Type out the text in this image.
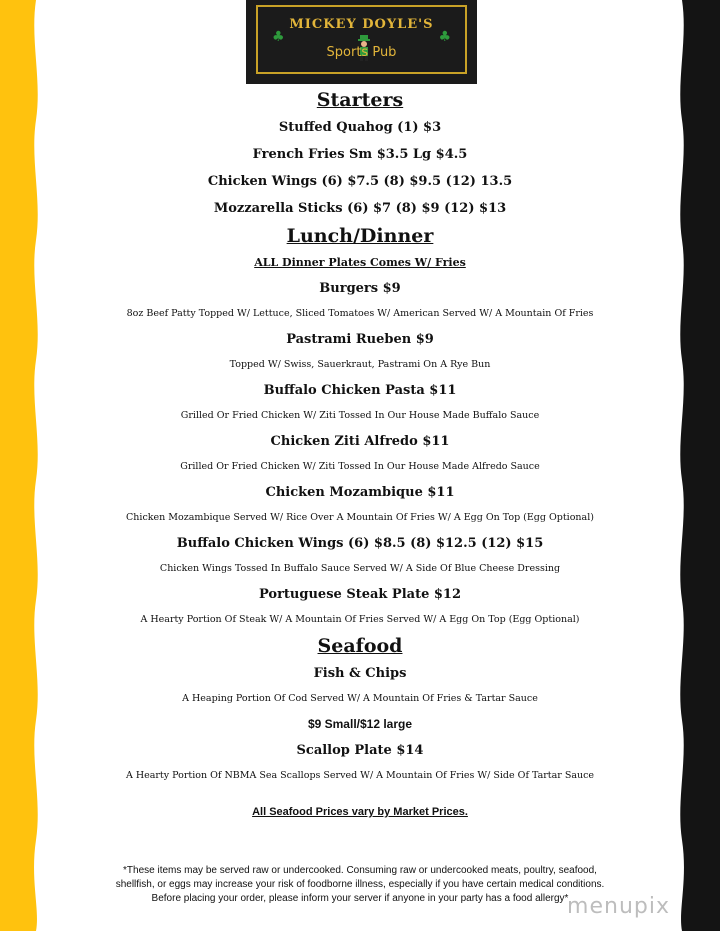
MICKEY DOYLE'S
♣	♣
Sports Pub
Starters

Stuffed Quahog (1) $3

French Fries Sm $3.5 Lg $4.5

Chicken Wings (6) $7.5 (8) $9.5 (12) 13.5

Mozzarella Sticks (6) $7 (8) $9 (12) $13

Lunch/Dinner

ALL Dinner Plates Comes W/ Fries

Burgers $9

8oz Beef Patty Topped W/ Lettuce, Sliced Tomatoes W/ American Served W/ A Mountain Of Fries

Pastrami Rueben $9

Topped W/ Swiss, Sauerkraut, Pastrami On A Rye Bun

Buffalo Chicken Pasta $11

Grilled Or Fried Chicken W/ Ziti Tossed In Our House Made Buffalo Sauce

Chicken Ziti Alfredo $11

Grilled Or Fried Chicken W/ Ziti Tossed In Our House Made Alfredo Sauce

Chicken Mozambique $11

Chicken Mozambique Served W/ Rice Over A Mountain Of Fries W/ A Egg On Top (Egg Optional)

Buffalo Chicken Wings (6) $8.5 (8) $12.5 (12) $15

Chicken Wings Tossed In Buffalo Sauce Served W/ A Side Of Blue Cheese Dressing

Portuguese Steak Plate $12

A Hearty Portion Of Steak W/ A Mountain Of Fries Served W/ A Egg On Top (Egg Optional)

Seafood

Fish & Chips

A Heaping Portion Of Cod Served W/ A Mountain Of Fries & Tartar Sauce

$9 Small/$12 large

Scallop Plate $14

A Hearty Portion Of NBMA Sea Scallops Served W/ A Mountain Of Fries W/ Side Of Tartar Sauce

All Seafood Prices vary by Market Prices.
*These items may be served raw or undercooked. Consuming raw or undercooked meats, poultry, seafood,
shellfish, or eggs may increase your risk of foodborne illness, especially if you have certain medical conditions.
Before placing your order, please inform your server if anyone in your party has a food allergy*
menupix
